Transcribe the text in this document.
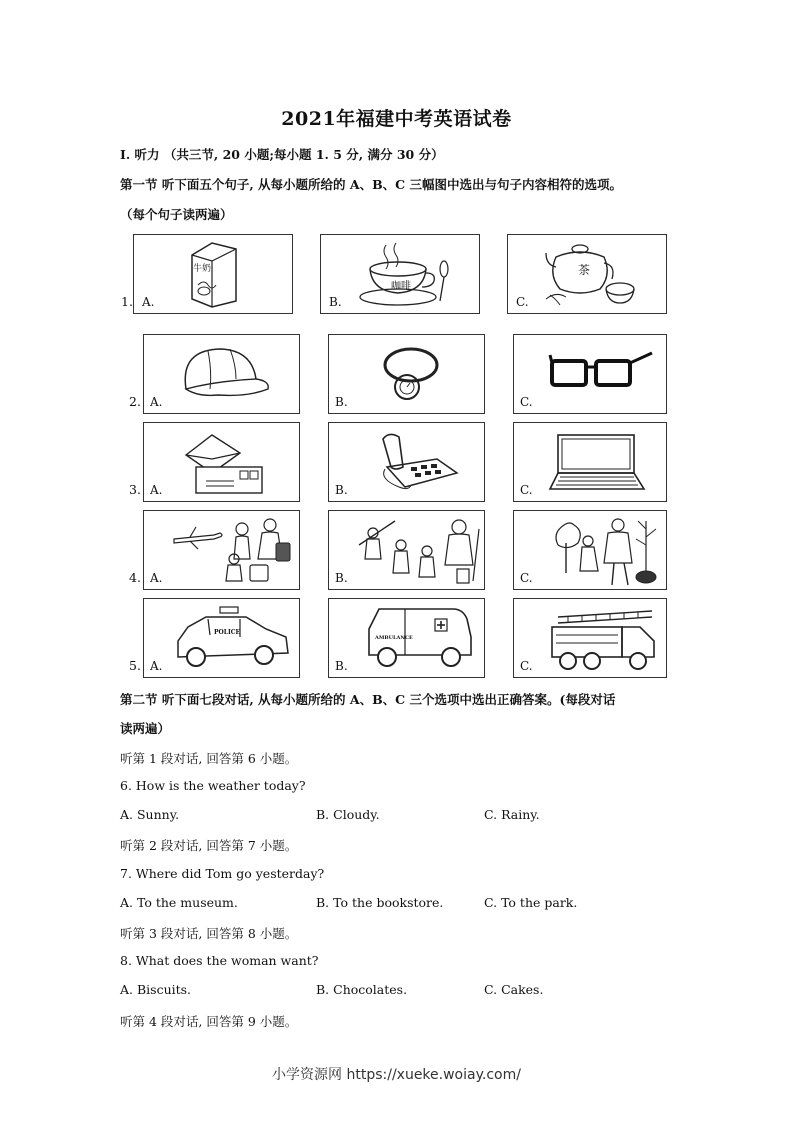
2021年福建中考英语试卷
I. 听力 （共三节, 20 小题;每小题 1. 5 分, 满分 30 分）
第一节 听下面五个句子, 从每小题所给的 A、B、C 三幅图中选出与句子内容相符的选项。
（每个句子读两遍）
1.
牛奶
A.
咖啡
B.
茶
C.
2. A.	B.	C.
3. A.	B.	C.
4. A.	B.	C.
5.
POLICE
A.
AMBULANCE
B.	C.
第二节 听下面七段对话, 从每小题所给的 A、B、C 三个选项中选出正确答案。(每段对话
读两遍）
听第 1 段对话, 回答第 6 小题。
6. How is the weather today?
A. Sunny.	B. Cloudy.	C. Rainy.
听第 2 段对话, 回答第 7 小题。
7. Where did Tom go yesterday?
A. To the museum.	B. To the bookstore.	C. To the park.
听第 3 段对话, 回答第 8 小题。
8. What does the woman want?
A. Biscuits.	B. Chocolates.	C. Cakes.
听第 4 段对话, 回答第 9 小题。
小学资源网 https://xueke.woiay.com/
